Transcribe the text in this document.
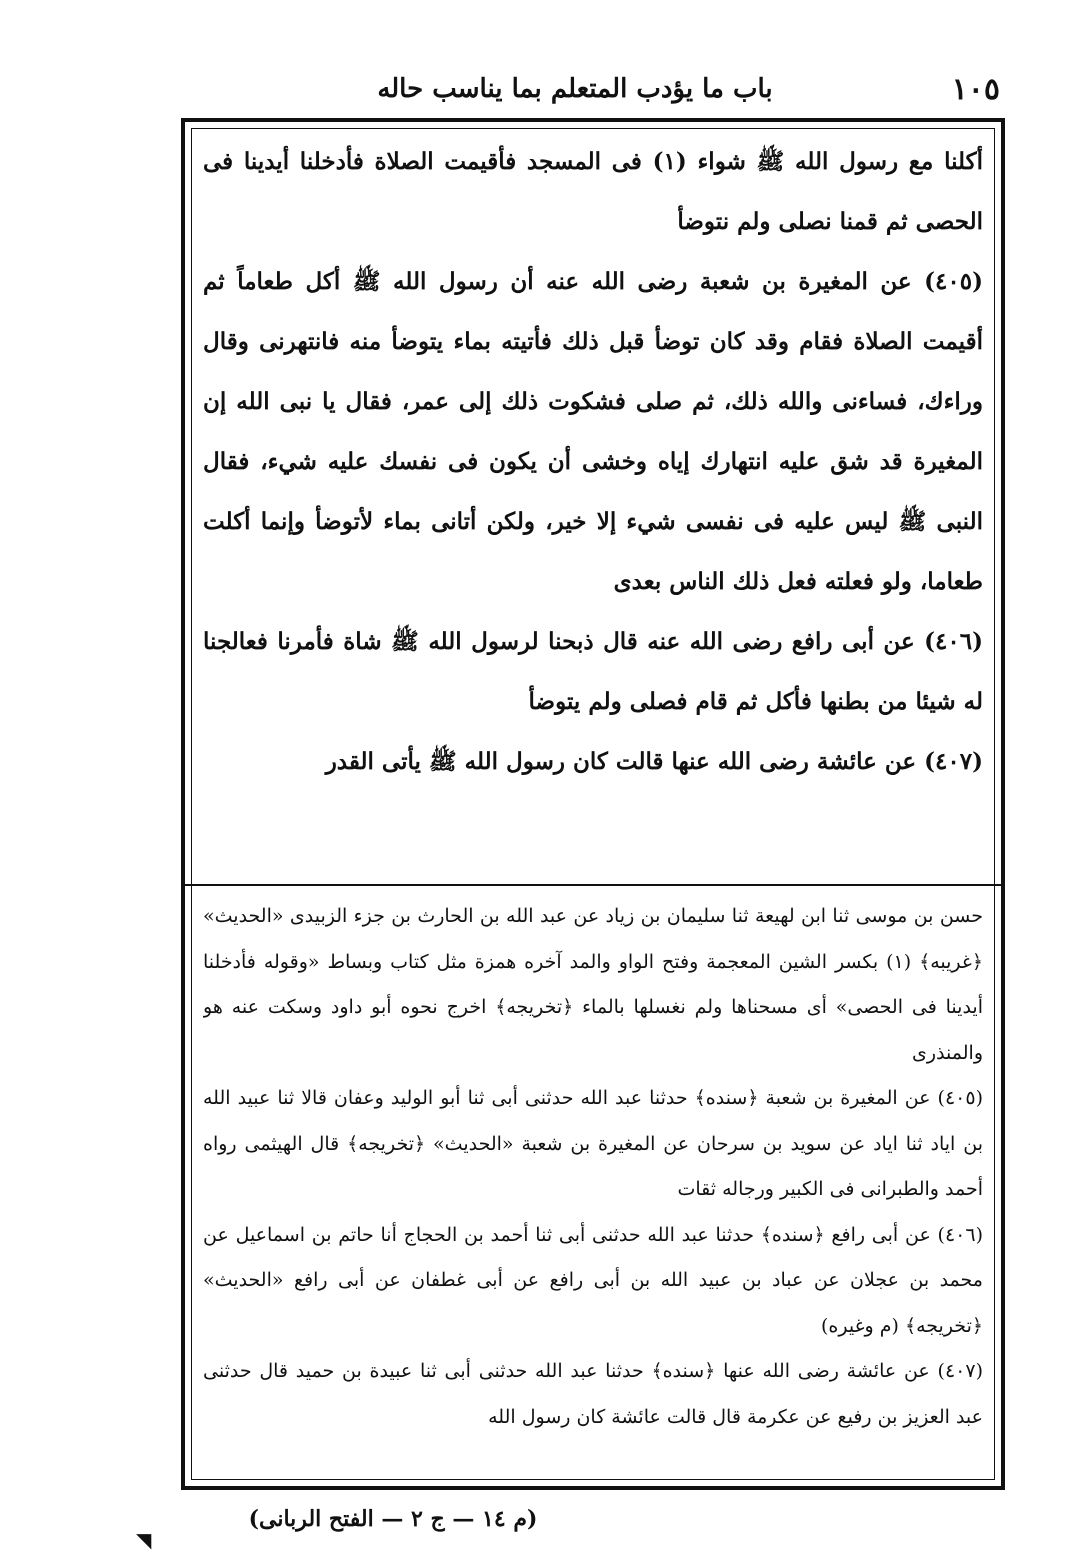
١٠٥
باب ما يؤدب المتعلم بما يناسب حاله

أكلنا مع رسول الله ﷺ شواء (١) فى المسجد فأقيمت الصلاة فأدخلنا أيدينا فى الحصى ثم قمنا نصلى ولم نتوضأ

(٤٠٥) عن المغيرة بن شعبة رضى الله عنه أن رسول الله ﷺ أكل طعاماً ثم أقيمت الصلاة فقام وقد كان توضأ قبل ذلك فأتيته بماء يتوضأ منه فانتهرنى وقال وراءك، فساءنى والله ذلك، ثم صلى فشكوت ذلك إلى عمر، فقال يا نبى الله إن المغيرة قد شق عليه انتهارك إياه وخشى أن يكون فى نفسك عليه شيء، فقال النبى ﷺ ليس عليه فى نفسى شيء إلا خير، ولكن أتانى بماء لأتوضأ وإنما أكلت طعاما، ولو فعلته فعل ذلك الناس بعدى

(٤٠٦) عن أبى رافع رضى الله عنه قال ذبحنا لرسول الله ﷺ شاة فأمرنا فعالجنا له شيئا من بطنها فأكل ثم قام فصلى ولم يتوضأ

(٤٠٧) عن عائشة رضى الله عنها قالت كان رسول الله ﷺ يأتى القدر

حسن بن موسى ثنا ابن لهيعة ثنا سليمان بن زياد عن عبد الله بن الحارث بن جزء الزبيدى «الحديث» ﴿غريبه﴾ (١) بكسر الشين المعجمة وفتح الواو والمد آخره همزة مثل كتاب وبساط «وقوله فأدخلنا أيدينا فى الحصى» أى مسحناها ولم نغسلها بالماء ﴿تخريجه﴾ اخرج نحوه أبو داود وسكت عنه هو والمنذرى

(٤٠٥) عن المغيرة بن شعبة ﴿سنده﴾ حدثنا عبد الله حدثنى أبى ثنا أبو الوليد وعفان قالا ثنا عبيد الله بن اياد ثنا اياد عن سويد بن سرحان عن المغيرة بن شعبة «الحديث» ﴿تخريجه﴾ قال الهيثمى رواه أحمد والطبرانى فى الكبير ورجاله ثقات

(٤٠٦) عن أبى رافع ﴿سنده﴾ حدثنا عبد الله حدثنى أبى ثنا أحمد بن الحجاج أنا حاتم بن اسماعيل عن محمد بن عجلان عن عباد بن عبيد الله بن أبى رافع عن أبى غطفان عن أبى رافع «الحديث» ﴿تخريجه﴾ (م وغيره)

(٤٠٧) عن عائشة رضى الله عنها ﴿سنده﴾ حدثنا عبد الله حدثنى أبى ثنا عبيدة بن حميد قال حدثنى عبد العزيز بن رفيع عن عكرمة قال قالت عائشة كان رسول الله

(م ١٤ — ج ٢ — الفتح الربانى)
◥
